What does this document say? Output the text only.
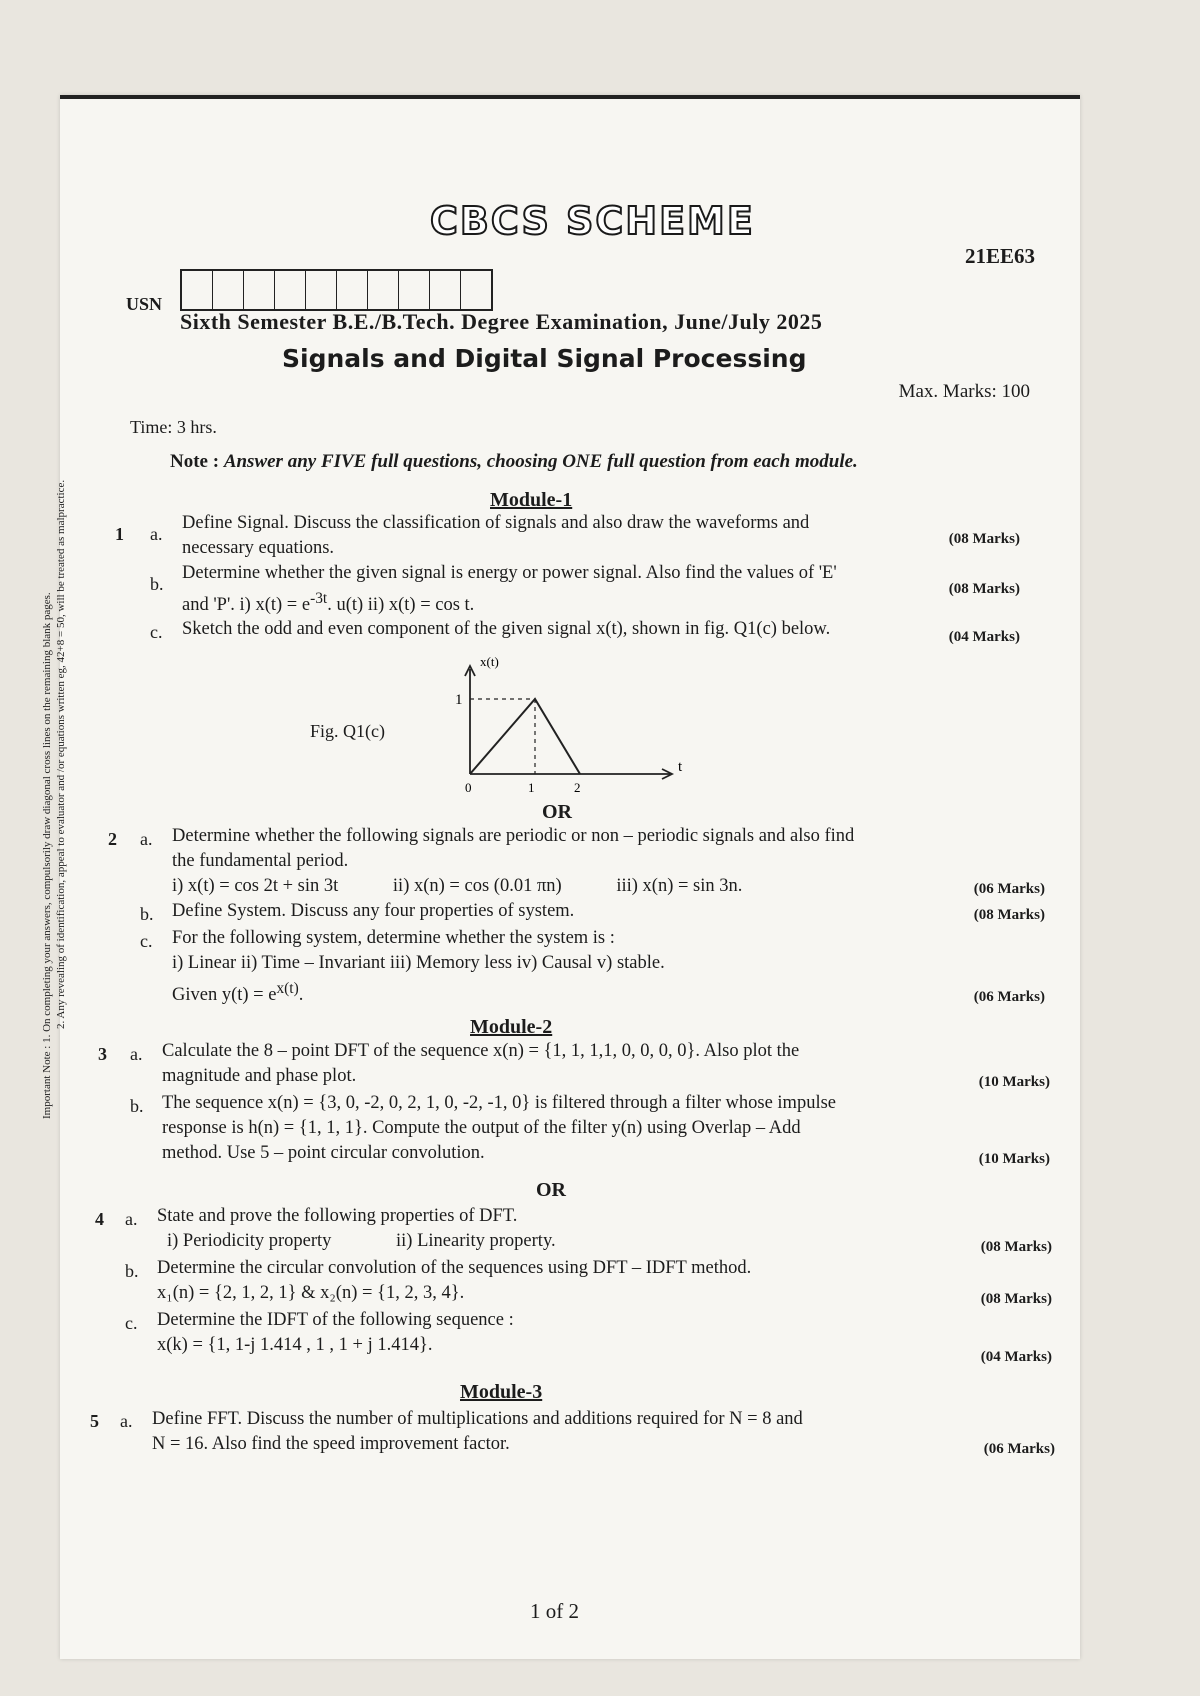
CBCS SCHEME
21EE63
USN
Sixth Semester B.E./B.Tech. Degree Examination, June/July 2025
Signals and Digital Signal Processing
Max. Marks: 100
Time: 3 hrs.
Note : Answer any FIVE full questions, choosing ONE full question from each module.
Important Note : 1. On completing your answers, compulsorily draw diagonal cross lines on the remaining blank pages. 2. Any revealing of identification, appeal to evaluator and /or equations written eg, 42+8 = 50, will be treated as malpractice.	Module-1
1 a.
Define Signal. Discuss the classification of signals and also draw the waveforms and
necessary equations.	(08 Marks)
b.
Determine whether the given signal is energy or power signal. Also find the values of 'E'
and 'P'. i) $x(t) = e^{-3t}$. u(t) ii) x(t) = cos t.
(08 Marks)
c. Sketch the odd and even component of the given signal x(t), shown in fig. Q1(c) below.	(04 Marks)
Fig. Q1(c)
x(t)
t
1
0	1	2
OR
2 a. Determine whether the following signals are periodic or non – periodic signals and also find
the fundamental period.
i) x(t) = cos 2t + sin 3t	ii) x(n) = cos (0.01 πn)	iii) x(n) = sin 3n.	(06 Marks)
b. Define System. Discuss any four properties of system.	(08 Marks)
c. For the following system, determine whether the system is :
i) Linear ii) Time – Invariant iii) Memory less iv) Causal v) stable.
Given $y(t) = e^{x(t)}$.	(06 Marks)
Module-2
3 a. Calculate the 8 – point DFT of the sequence x(n) = {1, 1, 1,1, 0, 0, 0, 0}. Also plot the
magnitude and phase plot.	(10 Marks)
b. The sequence x(n) = {3, 0, -2, 0, 2, 1, 0, -2, -1, 0} is filtered through a filter whose impulse
response is h(n) = {1, 1, 1}. Compute the output of the filter y(n) using Overlap – Add
method. Use 5 – point circular convolution.	(10 Marks)
OR
4 a. State and prove the following properties of DFT.
i) Periodicity property	ii) Linearity property.	(08 Marks)
b. Determine the circular convolution of the sequences using DFT – IDFT method.
x₁(n) = {2, 1, 2, 1} & x₂(n) = {1, 2, 3, 4}.	(08 Marks)
c. Determine the IDFT of the following sequence :
x(k) = {1, 1-j 1.414 , 1 , 1 + j 1.414}.
(04 Marks)
Module-3
5 a. Define FFT. Discuss the number of multiplications and additions required for N = 8 and
N = 16. Also find the speed improvement factor.	(06 Marks)
1 of 2
